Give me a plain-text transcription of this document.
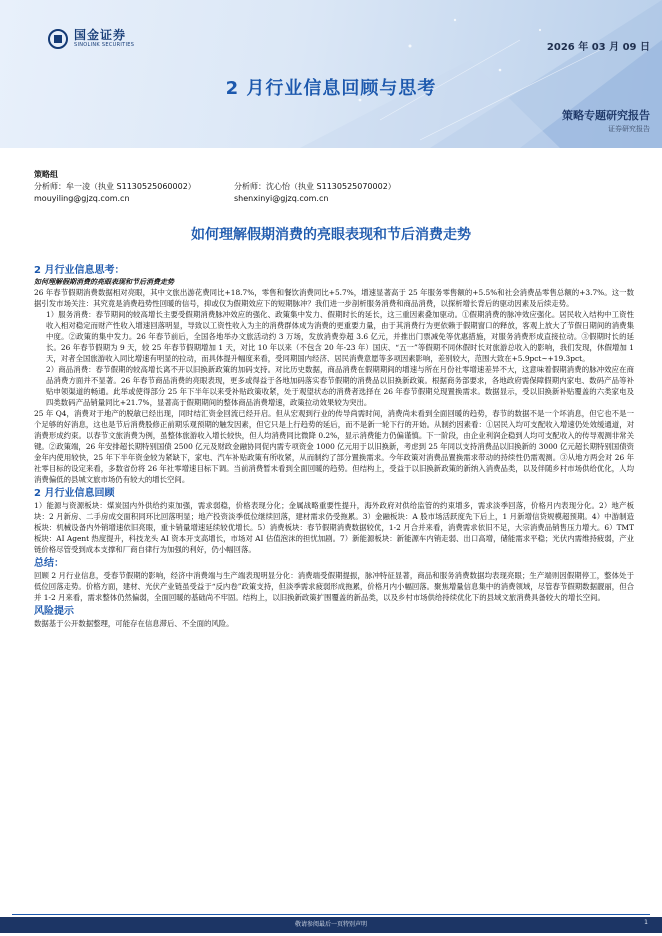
国金证券
SINOLINK SECURITIES	2026 年 03 月 09 日
2 月行业信息回顾与思考
策略专题研究报告
证券研究报告
策略组
分析师：牟一凌（执业 S1130525060002）	分析师：沈心怡（执业 S1130525070002）
mouyiling@gjzq.com.cn	shenxinyi@gjzq.com.cn
如何理解假期消费的亮眼表现和节后消费走势
2 月行业信息思考：
如何理解假期消费的亮眼表现和节后消费走势

26 年春节假期消费数据相对亮眼，其中文旅出游花费同比+18.7%，零售和餐饮消费同比+5.7%，增速显著高于 25 年服务零售额的+5.5%和社会消费品零售总额的+3.7%。这一数据引发市场关注：其究竟是消费趋势性回暖的信号，抑或仅为假期效应下的短期脉冲？我们进一步剖析服务消费和商品消费，以探析增长背后的驱动因素及后续走势。

1）服务消费：春节期间的较高增长主要受假期消费脉冲效应的强化、政策集中发力、假期时长的延长，这三重因素叠加驱动。①假期消费的脉冲效应强化。居民收入结构中工资性收入相对稳定而财产性收入增速回落明显，导致以工资性收入为主的消费群体成为消费的更重要力量，由于其消费行为更依赖于假期窗口的释放，客观上放大了节假日期间的消费集中度。②政策的集中发力。26 年春节前后，全国各地举办文旅活动约 3 万场，发放消费券超 3.6 亿元，并推出门票减免等优惠措施，对服务消费形成直接拉动。③假期时长的延长。26 年春节假期为 9 天，较 25 年春节假期增加 1 天，对比 10 年以来（不包含 20 年-23 年）国庆、“五一”等假期不同休假时长对旅游总收入的影响，我们发现，休假增加 1 天，对者全国旅游收入同比增速有明显的拉动，而具体提升幅度来看，受同期国内经济、居民消费意愿等多项因素影响，差别较大，范围大致在+5.9pct~+19.3pct。

2）商品消费：春节假期的较高增长离不开以旧换新政策的加码支持。对比历史数据，商品消费在假期期间的增速与所在月份社零增速差异不大，这意味着假期消费的脉冲效应在商品消费方面并不显著。26 年春节商品消费的亮眼表现，更多或得益于各地加码落实春节假期的消费品以旧换新政策。根据商务部要求，各地政府需保障假期内家电、数码产品等补贴申领渠道的畅通。此举或使得部分 25 年下半年以来受补贴政策收紧，处于观望状态的消费者选择在 26 年春节假期兑现置换需求。数据显示，受以旧换新补贴覆盖的六类家电及四类数码产品销量同比+21.7%，显著高于假期期间的整体商品消费增速，政策拉动效果较为突出。

25 年 Q4，消费对于地产的脱敏已经出现，同时结汇资金回流已经开启。但从宏观到行业的传导尚需时间，消费尚未看到全面回暖的趋势，春节的数据不是一个坏消息，但它也不是一个足够的好消息，这也是节后消费股修正前期乐观预期的触发因素，但它只是上行趋势的延后，而不是新一轮下行的开始。从制约因素看：①居民入均可支配收入增速仍处效缓通道，对消费形成约束。以春节文旅消费为例，虽整体旅游收入增长较快，但人均消费同比微降 0.2%，显示消费能力仍偏谨慎。下一阶段，由企业利润企稳到人均可支配收入的传导观测非常关键。②政策端，26 年安排超长期特别国债 2500 亿元及财政金融协同促内需专项资金 1000 亿元用于以旧换新，考虑到 25 年同以支持消费品以旧换新的 3000 亿元超长期特别国债资金年内使用较快，25 年下半年资金较为紧缺下，家电、汽车补贴政策有所收紧，从而制约了部分置换需求。今年政策对消费品置换需求带动的持续性仍需观测。③从地方两会对 26 年社零目标的设定来看，多数省份将 26 年社零增速目标下调。当前消费暂未看到全面回暖的趋势。但结构上，受益于以旧换新政策的新纳入消费品类，以及伴随乡村市场供给优化，人均消费偏低的县城文旅市场仍有较大的增长空间。

2 月行业信息回顾

1）能源与资源板块：煤炭国内外供给约束加强，需求弱稳，价格表现分化；金属战略重要性提升，海外政府对供给监管的约束增多，需求淡季回落，价格月内表现分化。2）地产板块：2 月新房、二手房成交面积同环比回落明显；地产投资淡季低位继续回落，建材需求仍受拖累。3）金融板块：A 股市场活跃度先下后上，1 月新增信贷规模超预期。4）中游制造板块：机械设备内外销增速依旧亮眼，重卡销量增速延续较优增长。5）消费板块：春节假期消费数据较优，1-2 月合并来看，消费需求依旧不足，大宗消费品销售压力增大。6）TMT 板块：AI Agent 热度提升，科技龙头 AI 资本开支高增长，市场对 AI 估值泡沫的担忧加剧。7）新能源板块：新能源车内销走弱、出口高增，储能需求平稳；光伏内需维持疲弱，产业链价格尽管受到成本支撑和厂商自律行为加强的利好，仍小幅回落。

总结：

回顾 2 月行业信息，受春节假期的影响，经济中消费端与生产端表现明显分化：消费端受假期提振，脉冲特征显著，商品和服务消费数据均表现亮眼；生产端则因假期停工，整体处于低位回落走势。价格方面，建材、光伏产业链虽受益于“反内卷”政策支持，但淡季需求疲弱形成拖累，价格月内小幅回落。聚焦增量信息集中的消费领域，尽管春节假期数据靓丽，但合并 1-2 月来看，需求整体仍然偏弱，全面回暖的基础尚不牢固。结构上，以旧换新政策扩围覆盖的新品类，以及乡村市场供给持续优化下的县域文旅消费具备较大的增长空间。

风险提示

数据基于公开数据整理，可能存在信息滞后、不全面的风险。

敬请参阅最后一页特别声明	1
